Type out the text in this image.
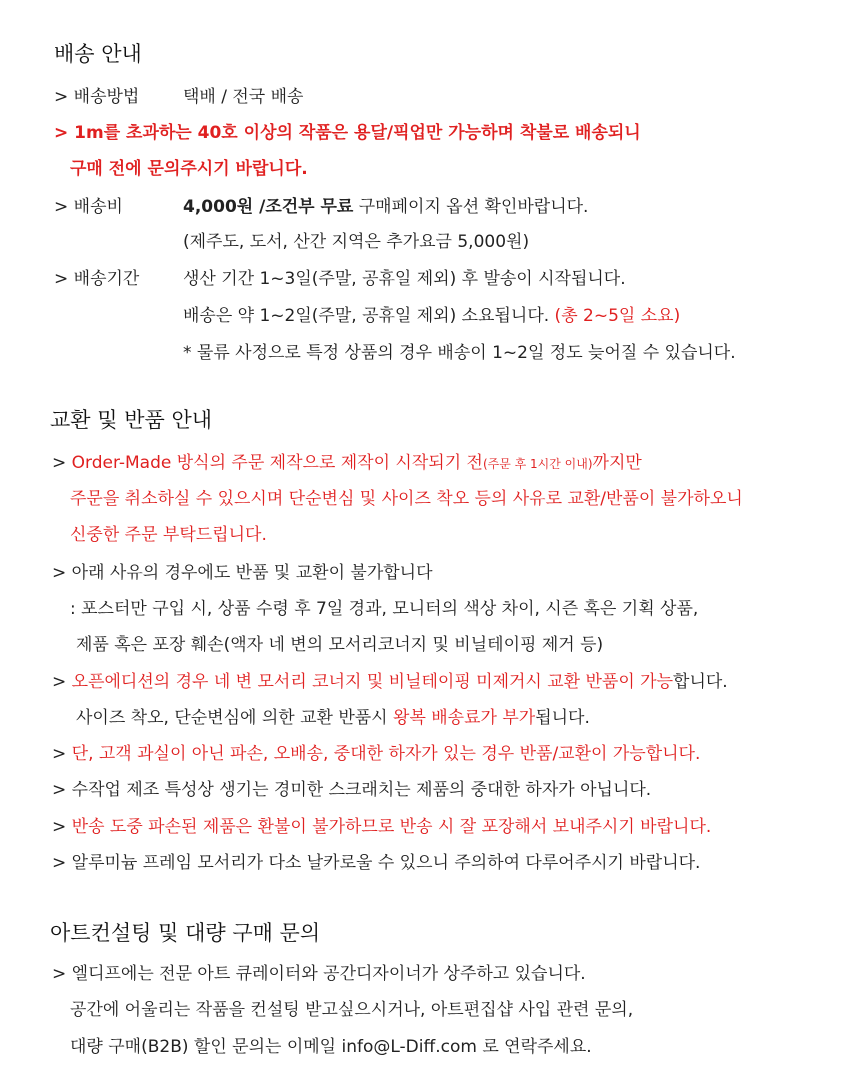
배송 안내
> 배송방법	택배 / 전국 배송
> 1m를 초과하는 40호 이상의 작품은 용달/픽업만 가능하며 착불로 배송되니
구매 전에 문의주시기 바랍니다.
> 배송비	4,000원 /조건부 무료 구매페이지 옵션 확인바랍니다.
(제주도, 도서, 산간 지역은 추가요금 5,000원)
> 배송기간	생산 기간 1~3일(주말, 공휴일 제외) 후 발송이 시작됩니다.
배송은 약 1~2일(주말, 공휴일 제외) 소요됩니다. (총 2~5일 소요)
* 물류 사정으로 특정 상품의 경우 배송이 1~2일 정도 늦어질 수 있습니다.
교환 및 반품 안내
> Order-Made 방식의 주문 제작으로 제작이 시작되기 전(주문 후 1시간 이내)까지만
주문을 취소하실 수 있으시며 단순변심 및 사이즈 착오 등의 사유로 교환/반품이 불가하오니
신중한 주문 부탁드립니다.
> 아래 사유의 경우에도 반품 및 교환이 불가합니다
: 포스터만 구입 시, 상품 수령 후 7일 경과, 모니터의 색상 차이, 시즌 혹은 기획 상품,
제품 혹은 포장 훼손(액자 네 변의 모서리코너지 및 비닐테이핑 제거 등)
> 오픈에디션의 경우 네 변 모서리 코너지 및 비닐테이핑 미제거시 교환 반품이 가능합니다.
사이즈 착오, 단순변심에 의한 교환 반품시 왕복 배송료가 부가됩니다.
> 단, 고객 과실이 아닌 파손, 오배송, 중대한 하자가 있는 경우 반품/교환이 가능합니다.
> 수작업 제조 특성상 생기는 경미한 스크래치는 제품의 중대한 하자가 아닙니다.
> 반송 도중 파손된 제품은 환불이 불가하므로 반송 시 잘 포장해서 보내주시기 바랍니다.
> 알루미늄 프레임 모서리가 다소 날카로울 수 있으니 주의하여 다루어주시기 바랍니다.
아트컨설팅 및 대량 구매 문의
> 엘디프에는 전문 아트 큐레이터와 공간디자이너가 상주하고 있습니다.
공간에 어울리는 작품을 컨설팅 받고싶으시거나, 아트편집샵 사입 관련 문의,
대량 구매(B2B) 할인 문의는 이메일 info@L-Diff.com 로 연락주세요.
